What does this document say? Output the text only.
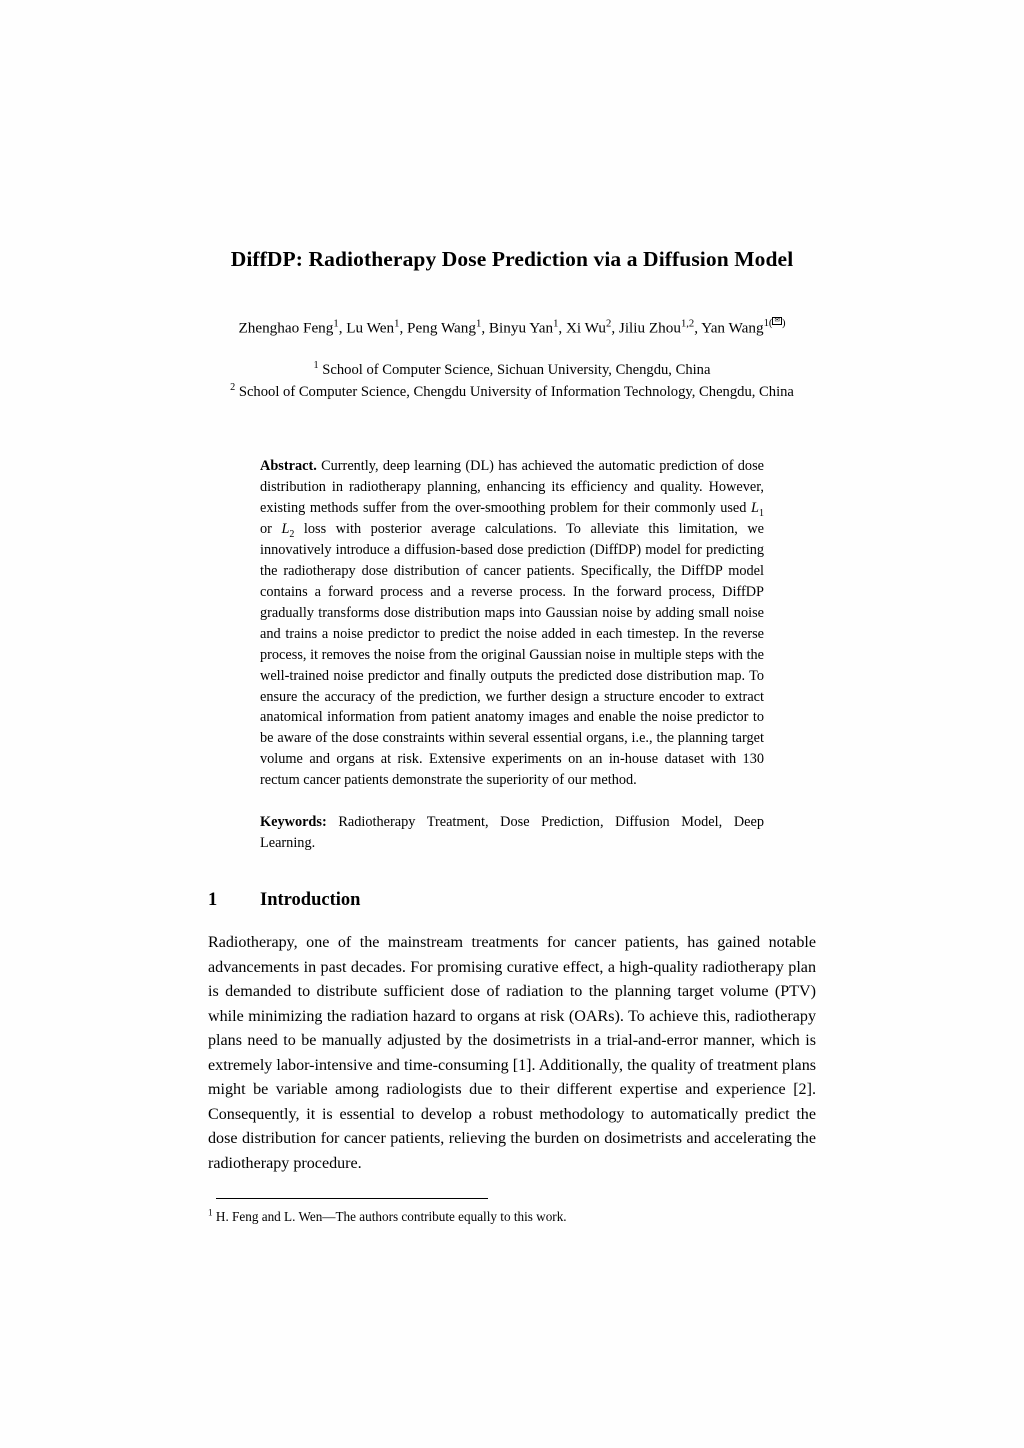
DiffDP: Radiotherapy Dose Prediction via a Diffusion Model
Zhenghao Feng$^1$, Lu Wen$^1$, Peng Wang$^1$, Binyu Yan$^1$, Xi Wu$^2$, Jiliu Zhou$^{1,2}$, Yan Wang$^{1( ✉ )}$
$^1$ School of Computer Science, Sichuan University, Chengdu, China
$^2$ School of Computer Science, Chengdu University of Information Technology, Chengdu, China

Abstract. Currently, deep learning (DL) has achieved the automatic prediction of dose distribution in radiotherapy planning, enhancing its efficiency and quality. However, existing methods suffer from the over-smoothing problem for their commonly used $L_1$ or $L_2$ loss with posterior average calculations. To alleviate this limitation, we innovatively introduce a diffusion-based dose prediction (DiffDP) model for predicting the radiotherapy dose distribution of cancer patients. Specifically, the DiffDP model contains a forward process and a reverse process. In the forward process, DiffDP gradually transforms dose distribution maps into Gaussian noise by adding small noise and trains a noise predictor to predict the noise added in each timestep. In the reverse process, it removes the noise from the original Gaussian noise in multiple steps with the well-trained noise predictor and finally outputs the predicted dose distribution map. To ensure the accuracy of the prediction, we further design a structure encoder to extract anatomical information from patient anatomy images and enable the noise predictor to be aware of the dose constraints within several essential organs, i.e., the planning target volume and organs at risk. Extensive experiments on an in-house dataset with 130 rectum cancer patients demonstrate the superiority of our method.

Keywords: Radiotherapy Treatment, Dose Prediction, Diffusion Model, Deep Learning.

1	Introduction

Radiotherapy, one of the mainstream treatments for cancer patients, has gained notable advancements in past decades. For promising curative effect, a high-quality radiotherapy plan is demanded to distribute sufficient dose of radiation to the planning target volume (PTV) while minimizing the radiation hazard to organs at risk (OARs). To achieve this, radiotherapy plans need to be manually adjusted by the dosimetrists in a trial-and-error manner, which is extremely labor-intensive and time-consuming [1]. Additionally, the quality of treatment plans might be variable among radiologists due to their different expertise and experience [2]. Consequently, it is essential to develop a robust methodology to automatically predict the dose distribution for cancer patients, relieving the burden on dosimetrists and accelerating the radiotherapy procedure.

$^1$ H. Feng and L. Wen—The authors contribute equally to this work.
